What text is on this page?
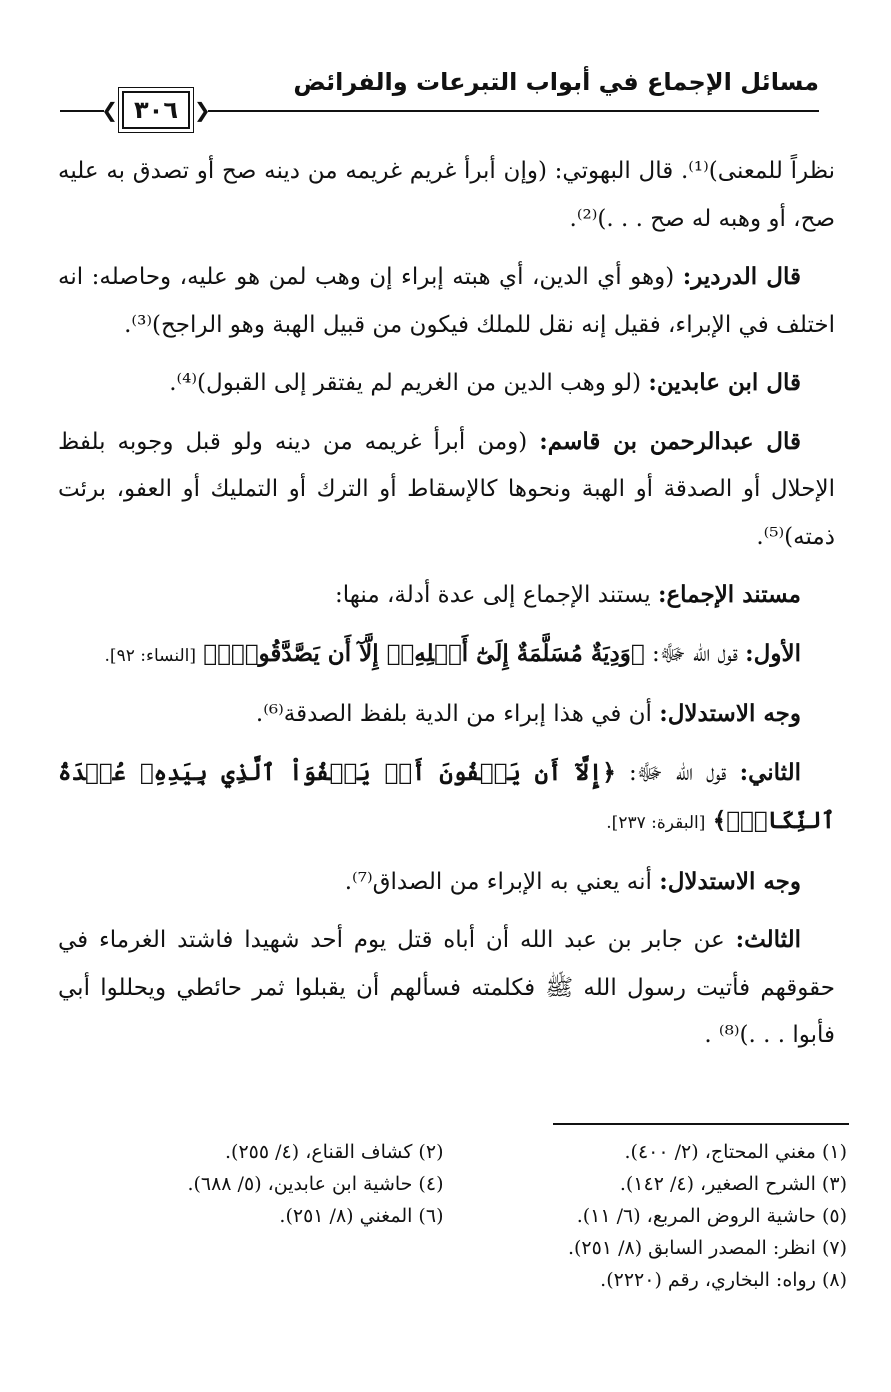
مسائل الإجماع في أبواب التبرعات والفرائض
❮
٣٠٦
❯

نظراً للمعنى)⁽¹⁾. قال البهوتي: (وإن أبرأ غريم غريمه من دينه صح أو تصدق به عليه صح، أو وهبه له صح . . .)⁽²⁾.

قال الدردير: (وهو أي الدين، أي هبته إبراء إن وهب لمن هو عليه، وحاصله: انه اختلف في الإبراء، فقيل إنه نقل للملك فيكون من قبيل الهبة وهو الراجح)⁽³⁾.

قال ابن عابدين: (لو وهب الدين من الغريم لم يفتقر إلى القبول)⁽⁴⁾.

قال عبدالرحمن بن قاسم: (ومن أبرأ غريمه من دينه ولو قبل وجوبه بلفظ الإحلال أو الصدقة أو الهبة ونحوها كالإسقاط أو الترك أو التمليك أو العفو، برئت ذمته)⁽⁵⁾.

مستند الإجماع: يستند الإجماع إلى عدة أدلة، منها:

الأول: قول الله ﷻ: ﴿وَدِيَةٌ مُسَلَّمَةٌ إِلَىٰٓ أَهۡلِهِۦٓ إِلَّآ أَن يَصَّدَّقُواْۚ﴾ [النساء: ٩٢].

وجه الاستدلال: أن في هذا إبراء من الدية بلفظ الصدقة⁽⁶⁾.

الثاني: قول الله ﷻ: ﴿إِلَّآ أَن يَعۡفُونَ أَوۡ يَعۡفُوَاْ ٱلَّذِي بِيَدِهِۦ عُقۡدَةُ ٱلنِّكَاحِۚ﴾ [البقرة: ٢٣٧].

وجه الاستدلال: أنه يعني به الإبراء من الصداق⁽⁷⁾.

الثالث: عن جابر بن عبد الله أن أباه قتل يوم أحد شهيدا فاشتد الغرماء في حقوقهم فأتيت رسول الله ﷺ فكلمته فسألهم أن يقبلوا ثمر حائطي ويحللوا أبي فأبوا . . .)⁽⁸⁾ .

(١) مغني المحتاج، (٢/ ٤٠٠).
(٢) كشاف القناع، (٤/ ٢٥٥).
(٣) الشرح الصغير، (٤/ ١٤٢).
(٤) حاشية ابن عابدين، (٥/ ٦٨٨).
(٥) حاشية الروض المربع، (٦/ ١١).
(٦) المغني (٨/ ٢٥١).
(٧) انظر: المصدر السابق (٨/ ٢٥١).
(٨) رواه: البخاري، رقم (٢٢٢٠).
